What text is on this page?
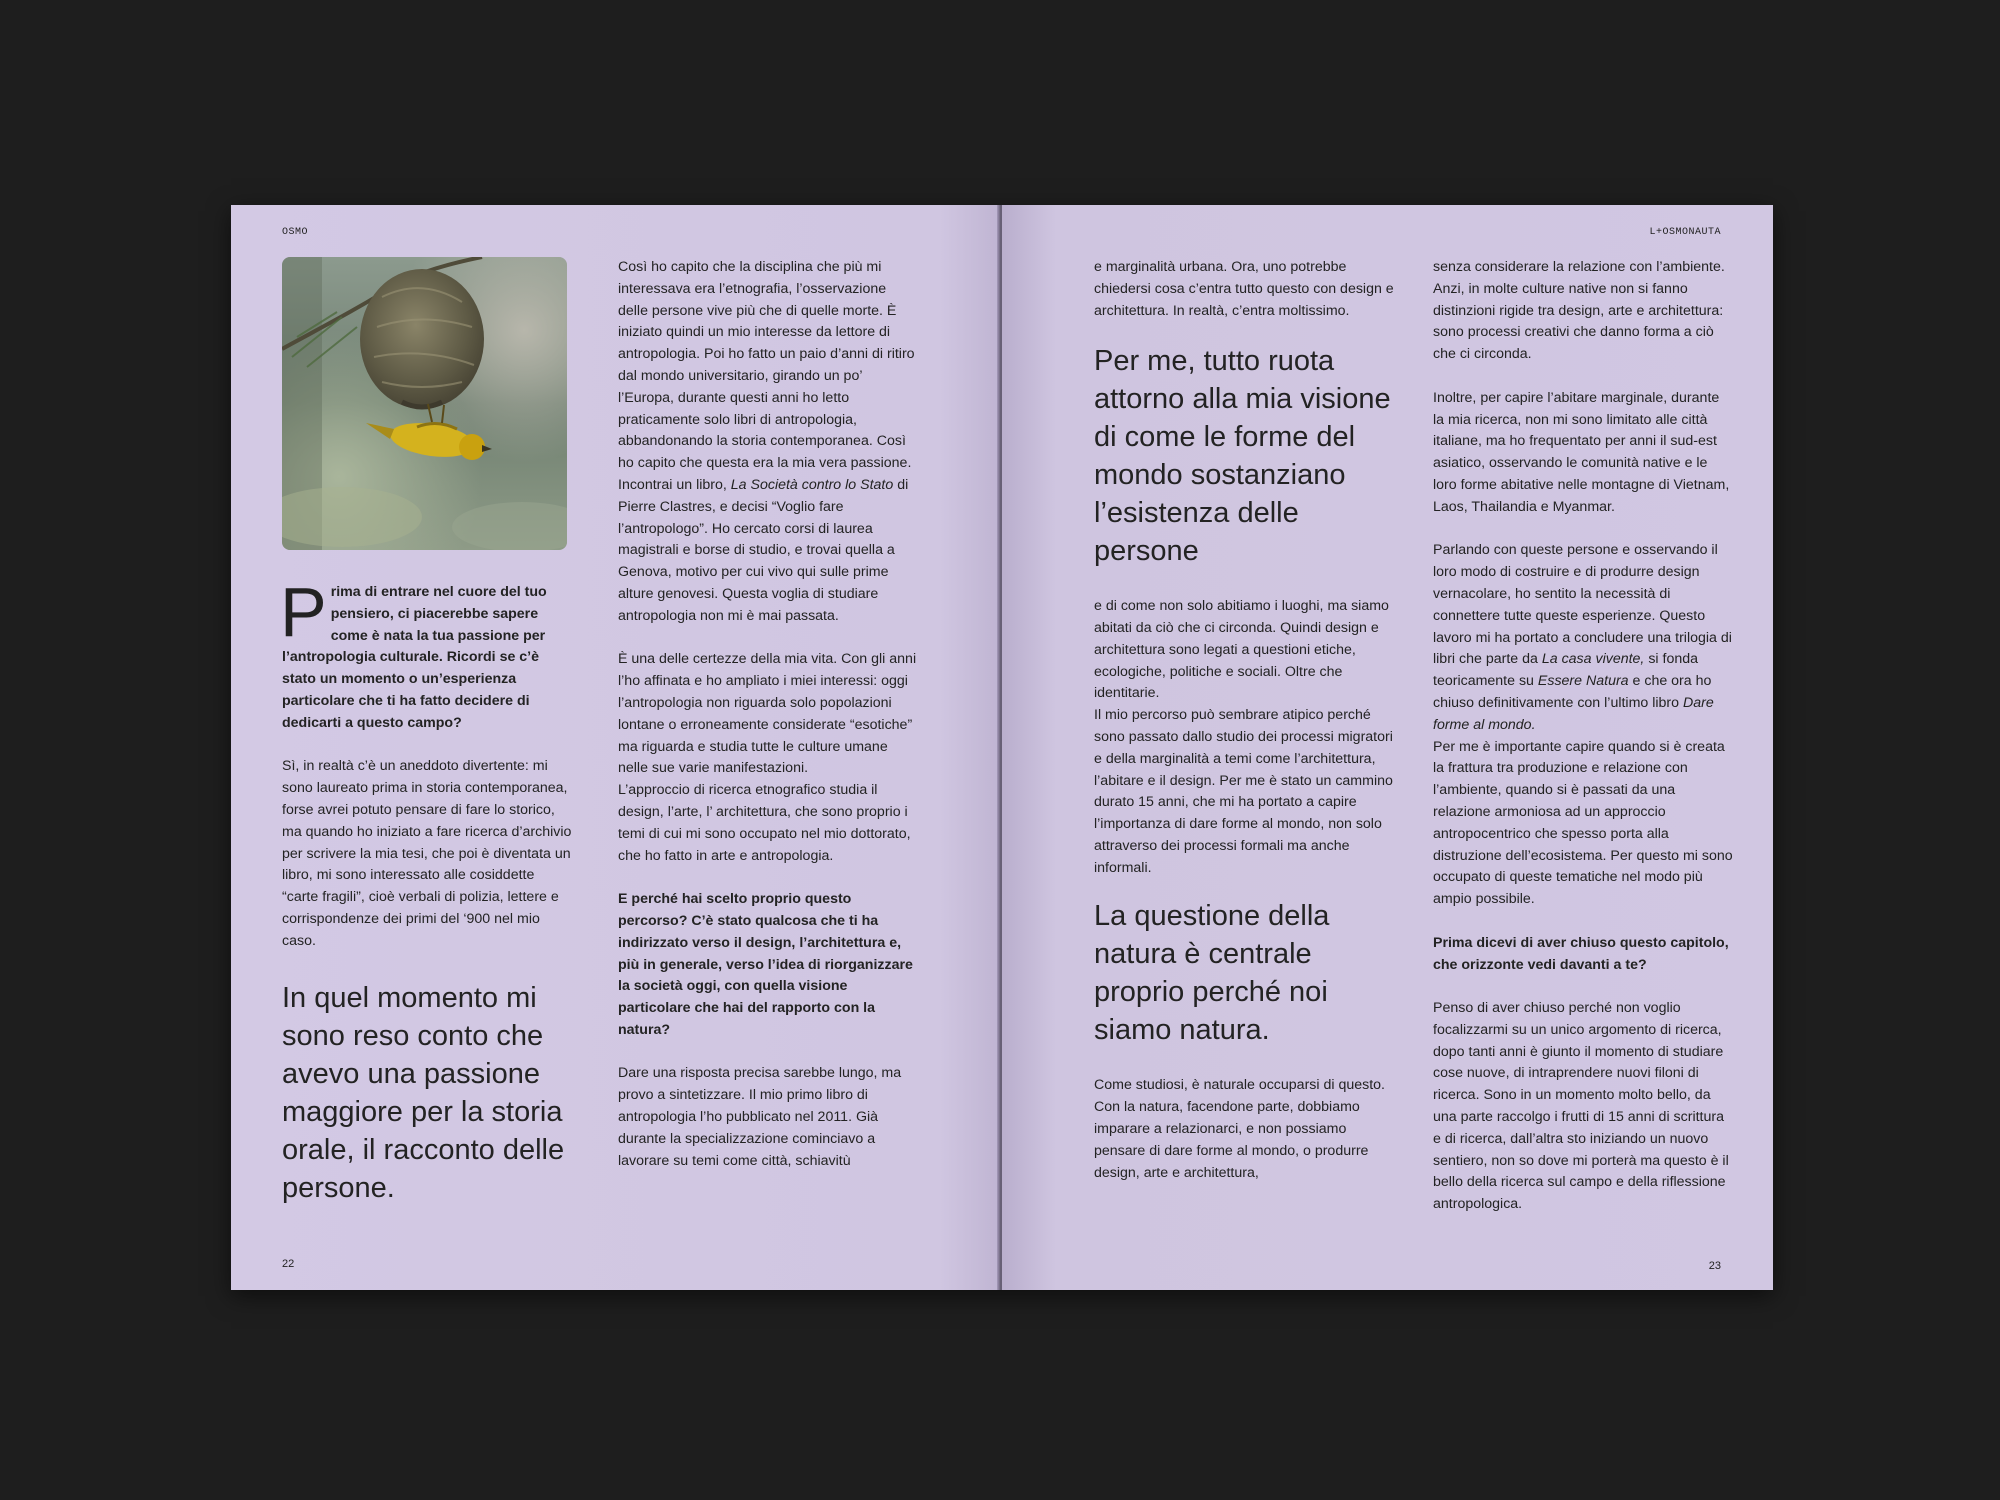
OSMO

Prima di entrare nel cuore del tuo pensiero, ci piacerebbe sapere come è nata la tua passione per l’antropologia culturale. Ricordi se c’è stato un momento o un’esperienza particolare che ti ha fatto decidere di dedicarti a questo campo?

Sì, in realtà c’è un aneddoto divertente: mi sono laureato prima in storia contemporanea, forse avrei potuto pensare di fare lo storico, ma quando ho iniziato a fare ricerca d’archivio per scrivere la mia tesi, che poi è diventata un libro, mi sono interessato alle cosiddette “carte fragili”, cioè verbali di polizia, lettere e corrispondenze dei primi del ‘900 nel mio caso.

In quel momento mi sono reso conto che avevo una passione maggiore per la storia orale, il racconto delle persone.

Così ho capito che la disciplina che più mi interessava era l’etnografia, l’osservazione delle persone vive più che di quelle morte. È iniziato quindi un mio interesse da lettore di antropologia. Poi ho fatto un paio d’anni di ritiro dal mondo universitario, girando un po’ l’Europa, durante questi anni ho letto praticamente solo libri di antropologia, abbandonando la storia contemporanea. Così ho capito che questa era la mia vera passione. Incontrai un libro, La Società contro lo Stato di Pierre Clastres, e decisi “Voglio fare l’antropologo”. Ho cercato corsi di laurea magistrali e borse di studio, e trovai quella a Genova, motivo per cui vivo qui sulle prime alture genovesi. Questa voglia di studiare antropologia non mi è mai passata.

È una delle certezze della mia vita. Con gli anni l’ho affinata e ho ampliato i miei interessi: oggi l’antropologia non riguarda solo popolazioni lontane o erroneamente considerate “esotiche” ma riguarda e studia tutte le culture umane nelle sue varie manifestazioni.

L’approccio di ricerca etnografico studia il design, l’arte, l’ architettura, che sono proprio i temi di cui mi sono occupato nel mio dottorato, che ho fatto in arte e antropologia.

E perché hai scelto proprio questo percorso? C’è stato qualcosa che ti ha indirizzato verso il design, l’architettura e, più in generale, verso l’idea di riorganizzare la società oggi, con quella visione particolare che hai del rapporto con la natura?

Dare una risposta precisa sarebbe lungo, ma provo a sintetizzare. Il mio primo libro di antropologia l’ho pubblicato nel 2011. Già durante la specializzazione cominciavo a lavorare su temi come città, schiavitù

22
L+OSMONAUTA

e marginalità urbana. Ora, uno potrebbe chiedersi cosa c’entra tutto questo con design e architettura. In realtà, c’entra moltissimo.

Per me, tutto ruota attorno alla mia visione di come le forme del mondo sostanziano l’esistenza delle persone

e di come non solo abitiamo i luoghi, ma siamo abitati da ciò che ci circonda. Quindi design e architettura sono legati a questioni etiche, ecologiche, politiche e sociali. Oltre che identitarie.

Il mio percorso può sembrare atipico perché sono passato dallo studio dei processi migratori e della marginalità a temi come l’architettura, l’abitare e il design. Per me è stato un cammino durato 15 anni, che mi ha portato a capire l’importanza di dare forme al mondo, non solo attraverso dei processi formali ma anche informali.

La questione della natura è centrale proprio perché noi siamo natura.

Come studiosi, è naturale occuparsi di questo. Con la natura, facendone parte, dobbiamo imparare a relazionarci, e non possiamo pensare di dare forme al mondo, o produrre design, arte e architettura,

senza considerare la relazione con l’ambiente. Anzi, in molte culture native non si fanno distinzioni rigide tra design, arte e architettura: sono processi creativi che danno forma a ciò che ci circonda.

Inoltre, per capire l’abitare marginale, durante la mia ricerca, non mi sono limitato alle città italiane, ma ho frequentato per anni il sud-est asiatico, osservando le comunità native e le loro forme abitative nelle montagne di Vietnam, Laos, Thailandia e Myanmar.

Parlando con queste persone e osservando il loro modo di costruire e di produrre design vernacolare, ho sentito la necessità di connettere tutte queste esperienze. Questo lavoro mi ha portato a concludere una trilogia di libri che parte da La casa vivente, si fonda teoricamente su Essere Natura e che ora ho chiuso definitivamente con l’ultimo libro Dare forme al mondo.

Per me è importante capire quando si è creata la frattura tra produzione e relazione con l’ambiente, quando si è passati da una relazione armoniosa ad un approccio antropocentrico che spesso porta alla distruzione dell’ecosistema. Per questo mi sono occupato di queste tematiche nel modo più ampio possibile.

Prima dicevi di aver chiuso questo capitolo, che orizzonte vedi davanti a te?

Penso di aver chiuso perché non voglio focalizzarmi su un unico argomento di ricerca, dopo tanti anni è giunto il momento di studiare cose nuove, di intraprendere nuovi filoni di ricerca. Sono in un momento molto bello, da una parte raccolgo i frutti di 15 anni di scrittura e di ricerca, dall’altra sto iniziando un nuovo sentiero, non so dove mi porterà ma questo è il bello della ricerca sul campo e della riflessione antropologica.

23
